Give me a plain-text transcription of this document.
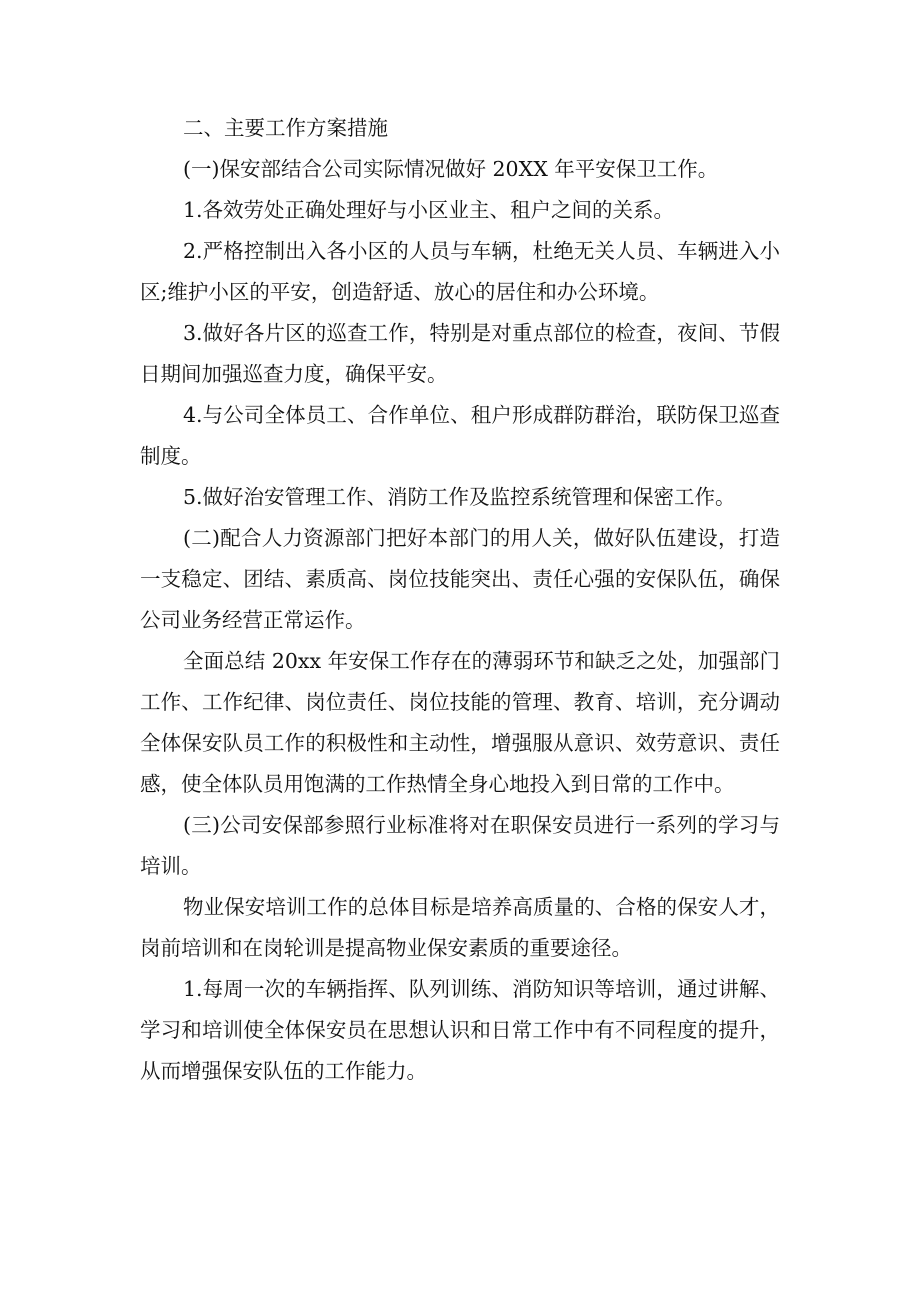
二、主要工作方案措施

(一)保安部结合公司实际情况做好 20XX 年平安保卫工作。

1.各效劳处正确处理好与小区业主、租户之间的关系。

2.严格控制出入各小区的人员与车辆，杜绝无关人员、车辆进入小区;维护小区的平安，创造舒适、放心的居住和办公环境。

3.做好各片区的巡查工作，特别是对重点部位的检查，夜间、节假日期间加强巡查力度，确保平安。

4.与公司全体员工、合作单位、租户形成群防群治，联防保卫巡查制度。

5.做好治安管理工作、消防工作及监控系统管理和保密工作。

(二)配合人力资源部门把好本部门的用人关，做好队伍建设，打造一支稳定、团结、素质高、岗位技能突出、责任心强的安保队伍，确保公司业务经营正常运作。

全面总结 20xx 年安保工作存在的薄弱环节和缺乏之处，加强部门工作、工作纪律、岗位责任、岗位技能的管理、教育、培训，充分调动全体保安队员工作的积极性和主动性，增强服从意识、效劳意识、责任感，使全体队员用饱满的工作热情全身心地投入到日常的工作中。

(三)公司安保部参照行业标准将对在职保安员进行一系列的学习与培训。

物业保安培训工作的总体目标是培养高质量的、合格的保安人才，岗前培训和在岗轮训是提高物业保安素质的重要途径。

1.每周一次的车辆指挥、队列训练、消防知识等培训，通过讲解、学习和培训使全体保安员在思想认识和日常工作中有不同程度的提升，从而增强保安队伍的工作能力。
